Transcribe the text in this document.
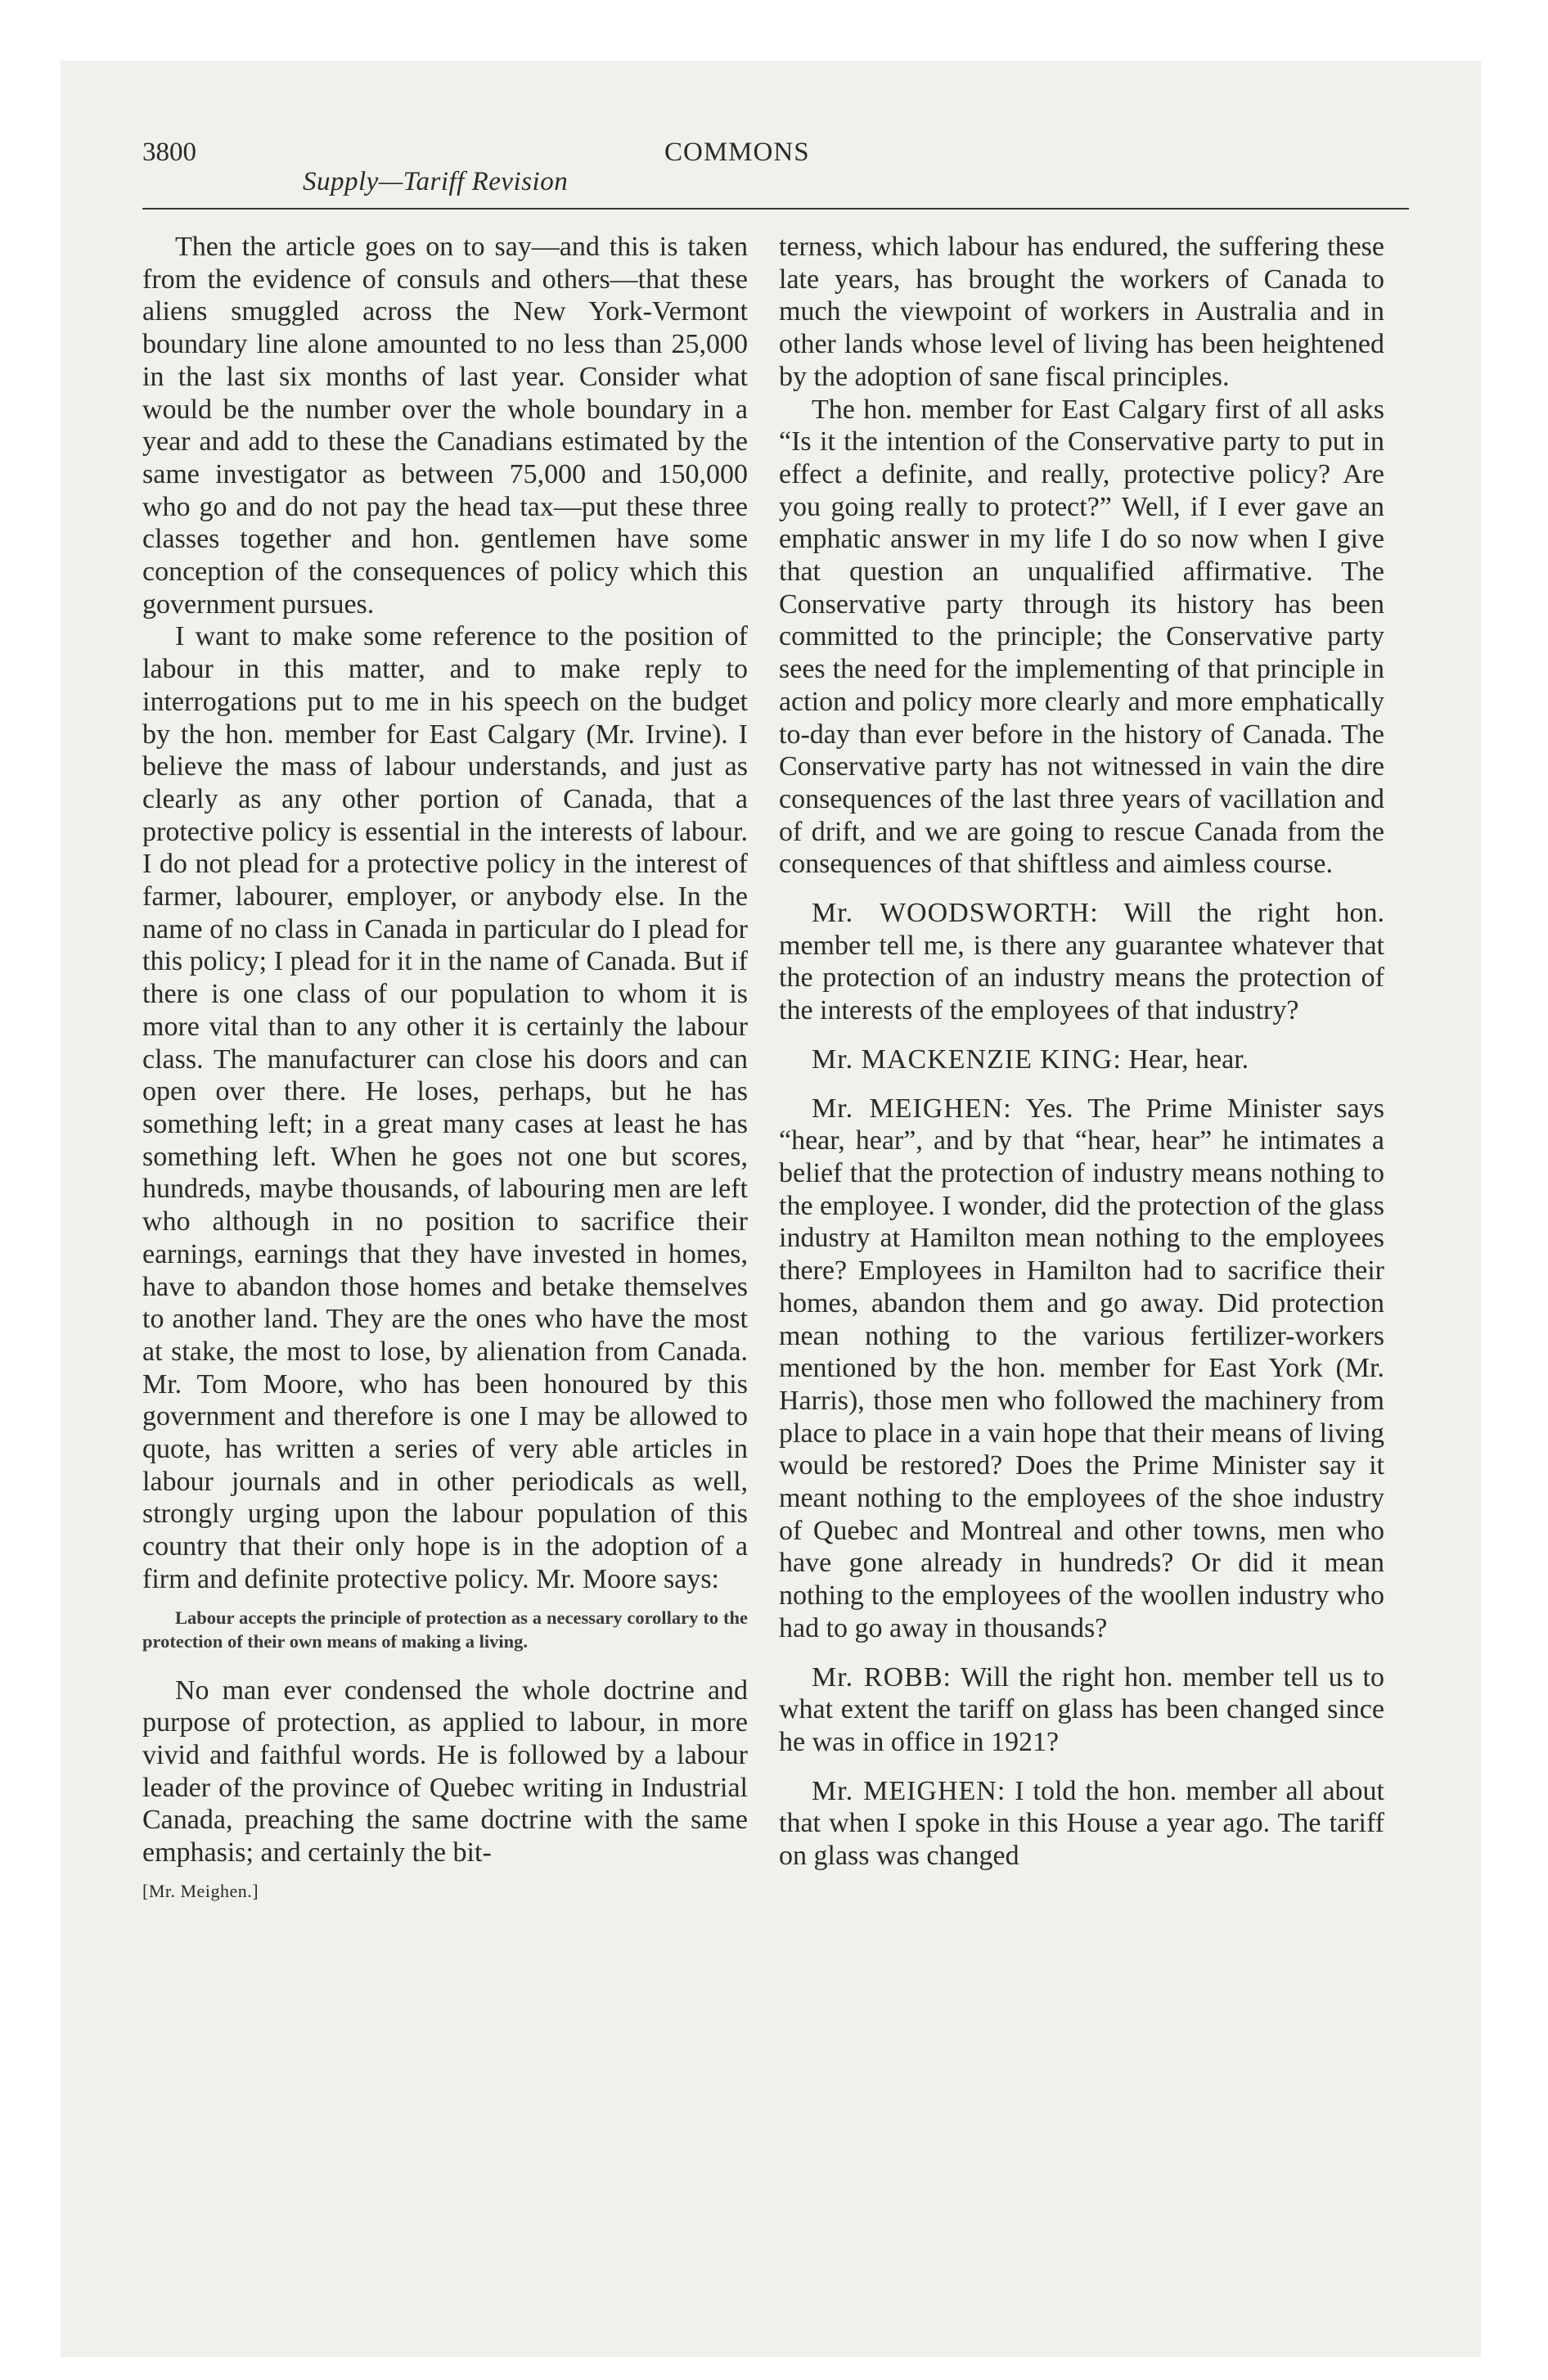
3800	COMMONS
Supply—Tariff Revision

Then the article goes on to say—and this is taken from the evidence of consuls and others—that these aliens smuggled across the New York-Vermont boundary line alone amounted to no less than 25,000 in the last six months of last year. Consider what would be the number over the whole boundary in a year and add to these the Canadians estimated by the same investigator as between 75,000 and 150,000 who go and do not pay the head tax—put these three classes together and hon. gentlemen have some conception of the consequences of policy which this government pursues.

I want to make some reference to the position of labour in this matter, and to make reply to interrogations put to me in his speech on the budget by the hon. member for East Calgary (Mr. Irvine). I believe the mass of labour understands, and just as clearly as any other portion of Canada, that a protective policy is essential in the interests of labour. I do not plead for a protective policy in the interest of farmer, labourer, employer, or anybody else. In the name of no class in Canada in particular do I plead for this policy; I plead for it in the name of Canada. But if there is one class of our population to whom it is more vital than to any other it is certainly the labour class. The manufacturer can close his doors and can open over there. He loses, perhaps, but he has something left; in a great many cases at least he has something left. When he goes not one but scores, hundreds, maybe thousands, of labouring men are left who although in no position to sacrifice their earnings, earnings that they have invested in homes, have to abandon those homes and betake themselves to another land. They are the ones who have the most at stake, the most to lose, by alienation from Canada. Mr. Tom Moore, who has been honoured by this government and therefore is one I may be allowed to quote, has written a series of very able articles in labour journals and in other periodicals as well, strongly urging upon the labour population of this country that their only hope is in the adoption of a firm and definite protective policy. Mr. Moore says:

Labour accepts the principle of protection as a necessary corollary to the protection of their own means of making a living.

No man ever condensed the whole doctrine and purpose of protection, as applied to labour, in more vivid and faithful words. He is followed by a labour leader of the province of Quebec writing in Industrial Canada, preaching the same doctrine with the same emphasis; and certainly the bit-

[Mr. Meighen.]

terness, which labour has endured, the suffering these late years, has brought the workers of Canada to much the viewpoint of workers in Australia and in other lands whose level of living has been heightened by the adoption of sane fiscal principles.

The hon. member for East Calgary first of all asks “Is it the intention of the Conservative party to put in effect a definite, and really, protective policy? Are you going really to protect?” Well, if I ever gave an emphatic answer in my life I do so now when I give that question an unqualified affirmative. The Conservative party through its history has been committed to the principle; the Conservative party sees the need for the implementing of that principle in action and policy more clearly and more emphatically to-day than ever before in the history of Canada. The Conservative party has not witnessed in vain the dire consequences of the last three years of vacillation and of drift, and we are going to rescue Canada from the consequences of that shiftless and aimless course.

Mr. WOODSWORTH: Will the right hon. member tell me, is there any guarantee whatever that the protection of an industry means the protection of the interests of the employees of that industry?

Mr. MACKENZIE KING: Hear, hear.

Mr. MEIGHEN: Yes. The Prime Minister says “hear, hear”, and by that “hear, hear” he intimates a belief that the protection of industry means nothing to the employee. I wonder, did the protection of the glass industry at Hamilton mean nothing to the employees there? Employees in Hamilton had to sacrifice their homes, abandon them and go away. Did protection mean nothing to the various fertilizer-workers mentioned by the hon. member for East York (Mr. Harris), those men who followed the machinery from place to place in a vain hope that their means of living would be restored? Does the Prime Minister say it meant nothing to the employees of the shoe industry of Quebec and Montreal and other towns, men who have gone already in hundreds? Or did it mean nothing to the employees of the woollen industry who had to go away in thousands?

Mr. ROBB: Will the right hon. member tell us to what extent the tariff on glass has been changed since he was in office in 1921?

Mr. MEIGHEN: I told the hon. member all about that when I spoke in this House a year ago. The tariff on glass was changed
